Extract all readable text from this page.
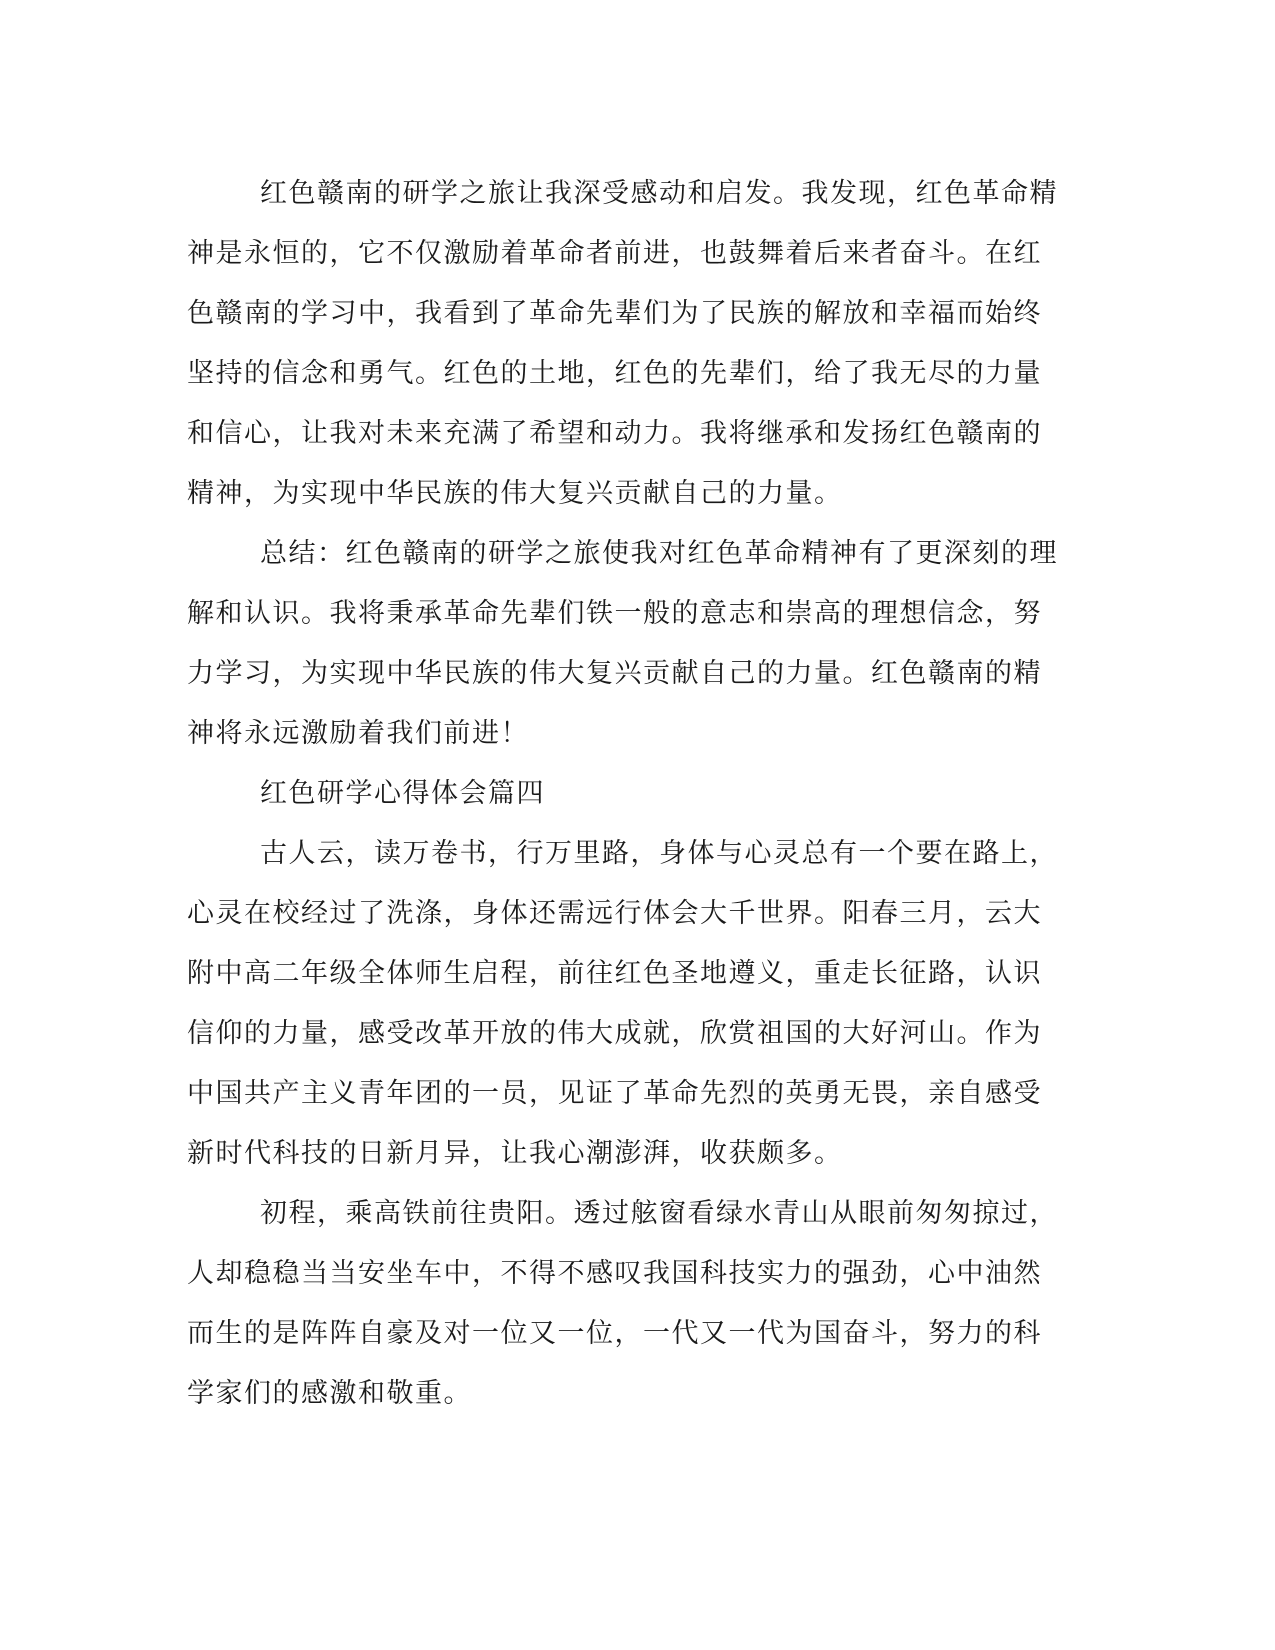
红色赣南的研学之旅让我深受感动和启发。我发现，红色革命精
神是永恒的，它不仅激励着革命者前进，也鼓舞着后来者奋斗。在红
色赣南的学习中，我看到了革命先辈们为了民族的解放和幸福而始终
坚持的信念和勇气。红色的土地，红色的先辈们，给了我无尽的力量
和信心，让我对未来充满了希望和动力。我将继承和发扬红色赣南的
精神，为实现中华民族的伟大复兴贡献自己的力量。
总结：红色赣南的研学之旅使我对红色革命精神有了更深刻的理
解和认识。我将秉承革命先辈们铁一般的意志和崇高的理想信念，努
力学习，为实现中华民族的伟大复兴贡献自己的力量。红色赣南的精
神将永远激励着我们前进！
红色研学心得体会篇四
古人云，读万卷书，行万里路，身体与心灵总有一个要在路上，
心灵在校经过了洗涤，身体还需远行体会大千世界。阳春三月，云大
附中高二年级全体师生启程，前往红色圣地遵义，重走长征路，认识
信仰的力量，感受改革开放的伟大成就，欣赏祖国的大好河山。作为
中国共产主义青年团的一员，见证了革命先烈的英勇无畏，亲自感受
新时代科技的日新月异，让我心潮澎湃，收获颇多。
初程，乘高铁前往贵阳。透过舷窗看绿水青山从眼前匆匆掠过，
人却稳稳当当安坐车中，不得不感叹我国科技实力的强劲，心中油然
而生的是阵阵自豪及对一位又一位，一代又一代为国奋斗，努力的科
学家们的感激和敬重。
